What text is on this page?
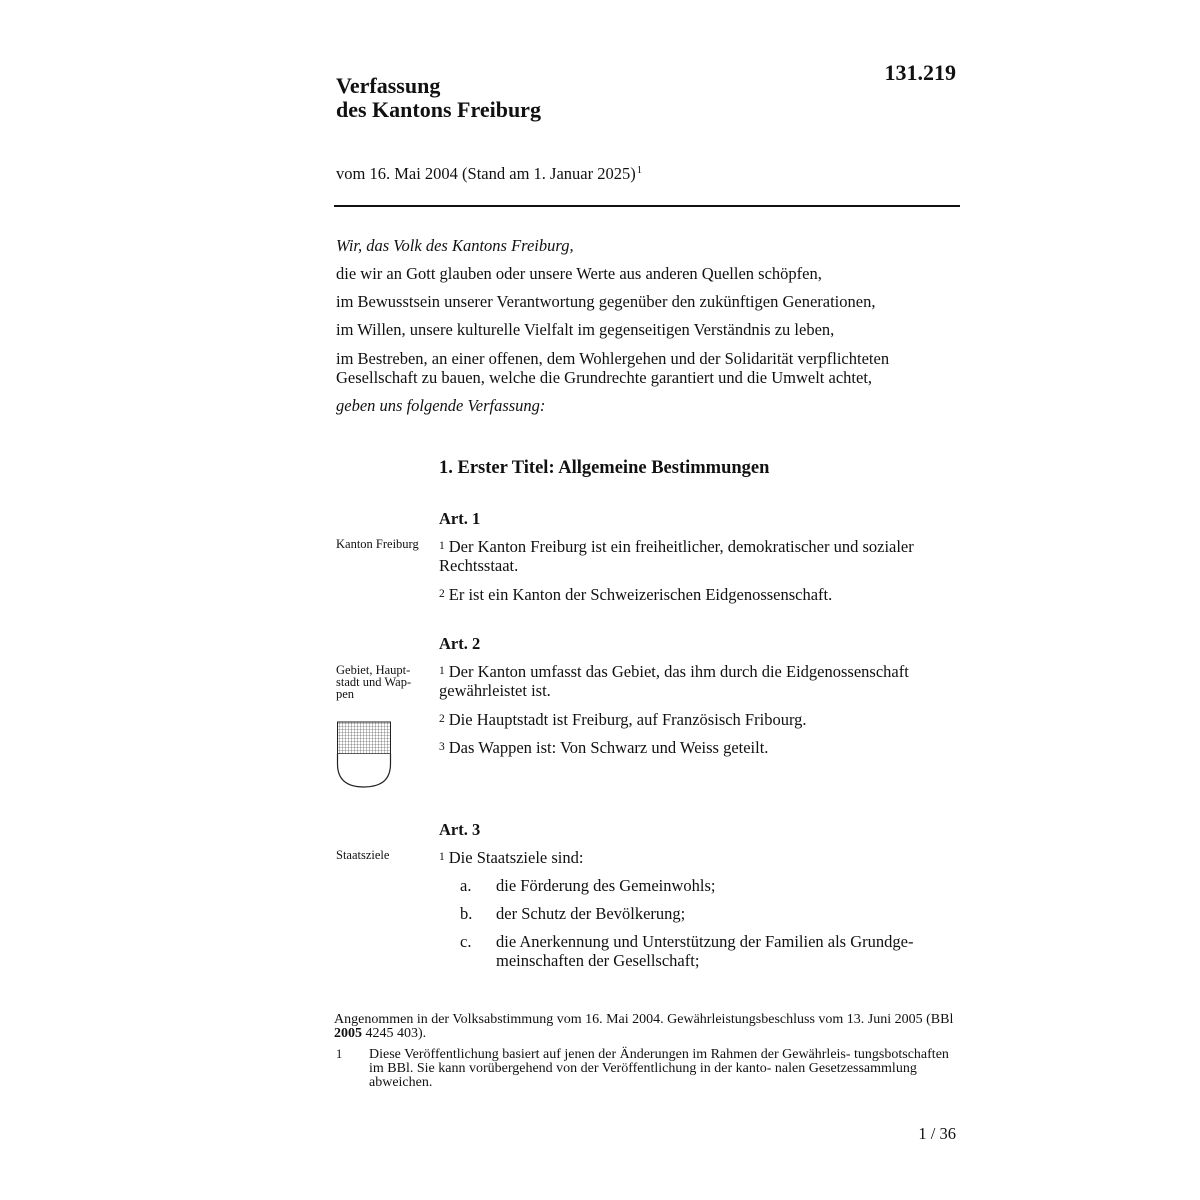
131.219
Verfassung
des Kantons Freiburg
vom 16. Mai 2004 (Stand am 1. Januar 2025)$^1$
Wir, das Volk des Kantons Freiburg,
die wir an Gott glauben oder unsere Werte aus anderen Quellen schöpfen,
im Bewusstsein unserer Verantwortung gegenüber den zukünftigen Generationen,
im Willen, unsere kulturelle Vielfalt im gegenseitigen Verständnis zu leben,
im Bestreben, an einer offenen, dem Wohlergehen und der Solidarität verpflichteten Gesellschaft zu bauen, welche die Grundrechte garantiert und die Umwelt achtet,
geben uns folgende Verfassung:
1. Erster Titel: Allgemeine Bestimmungen
Art. 1
Kanton Freiburg	$^1$ Der Kanton Freiburg ist ein freiheitlicher, demokratischer und sozialer Rechtsstaat.
$^2$ Er ist ein Kanton der Schweizerischen Eidgenossenschaft.
Art. 2
Gebiet, Haupt- stadt und Wap- pen
$^1$ Der Kanton umfasst das Gebiet, das ihm durch die Eidgenossenschaft gewährleistet ist.
$^2$ Die Hauptstadt ist Freiburg, auf Französisch Fribourg.
$^3$ Das Wappen ist: Von Schwarz und Weiss geteilt.
Art. 3
Staatsziele	$^1$ Die Staatsziele sind:
a. die Förderung des Gemeinwohls;
b. der Schutz der Bevölkerung;
c. die Anerkennung und Unterstützung der Familien als Grundge- meinschaften der Gesellschaft;
Angenommen in der Volksabstimmung vom 16. Mai 2004. Gewährleistungsbeschluss vom 13. Juni 2005 (BBl 2005 4245 403).
1 Diese Veröffentlichung basiert auf jenen der Änderungen im Rahmen der Gewährleis- tungsbotschaften im BBl. Sie kann vorübergehend von der Veröffentlichung in der kanto- nalen Gesetzessammlung abweichen.
1 / 36
